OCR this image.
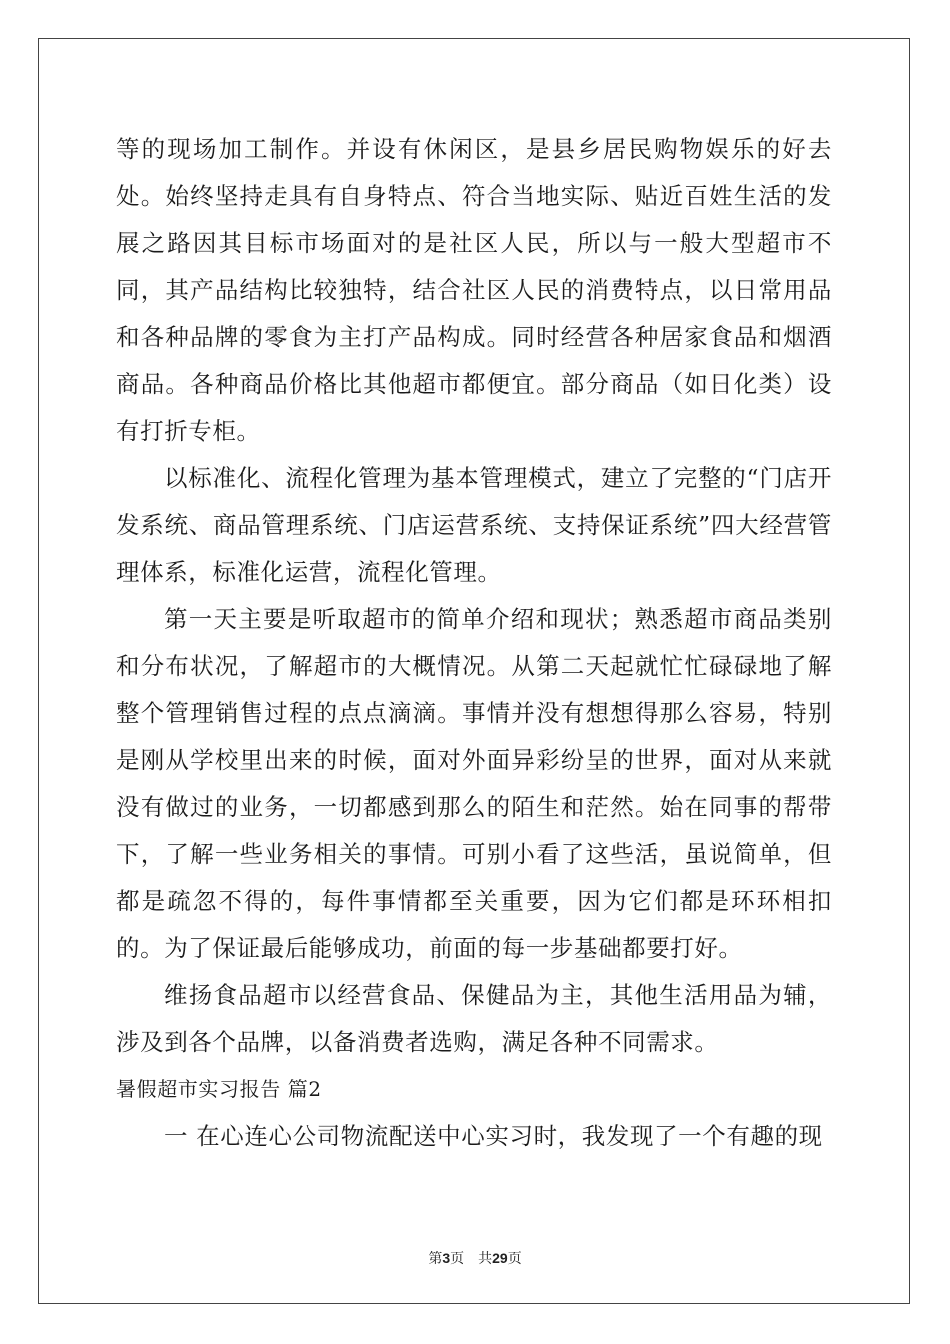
等的现场加工制作。并设有休闲区，是县乡居民购物娱乐的好去处。始终坚持走具有自身特点、符合当地实际、贴近百姓生活的发展之路因其目标市场面对的是社区人民，所以与一般大型超市不同，其产品结构比较独特，结合社区人民的消费特点，以日常用品和各种品牌的零食为主打产品构成。同时经营各种居家食品和烟酒商品。各种商品价格比其他超市都便宜。部分商品（如日化类）设有打折专柜。

以标准化、流程化管理为基本管理模式，建立了完整的“门店开发系统、商品管理系统、门店运营系统、支持保证系统”四大经营管理体系，标准化运营，流程化管理。

第一天主要是听取超市的简单介绍和现状；熟悉超市商品类别和分布状况，了解超市的大概情况。从第二天起就忙忙碌碌地了解整个管理销售过程的点点滴滴。事情并没有想想得那么容易，特别是刚从学校里出来的时候，面对外面异彩纷呈的世界，面对从来就没有做过的业务，一切都感到那么的陌生和茫然。始在同事的帮带下，了解一些业务相关的事情。可别小看了这些活，虽说简单，但都是疏忽不得的，每件事情都至关重要，因为它们都是环环相扣的。为了保证最后能够成功，前面的每一步基础都要打好。

维扬食品超市以经营食品、保健品为主，其他生活用品为辅，涉及到各个品牌，以备消费者选购，满足各种不同需求。

暑假超市实习报告 篇2

一 在心连心公司物流配送中心实习时，我发现了一个有趣的现

第3页 共29页
